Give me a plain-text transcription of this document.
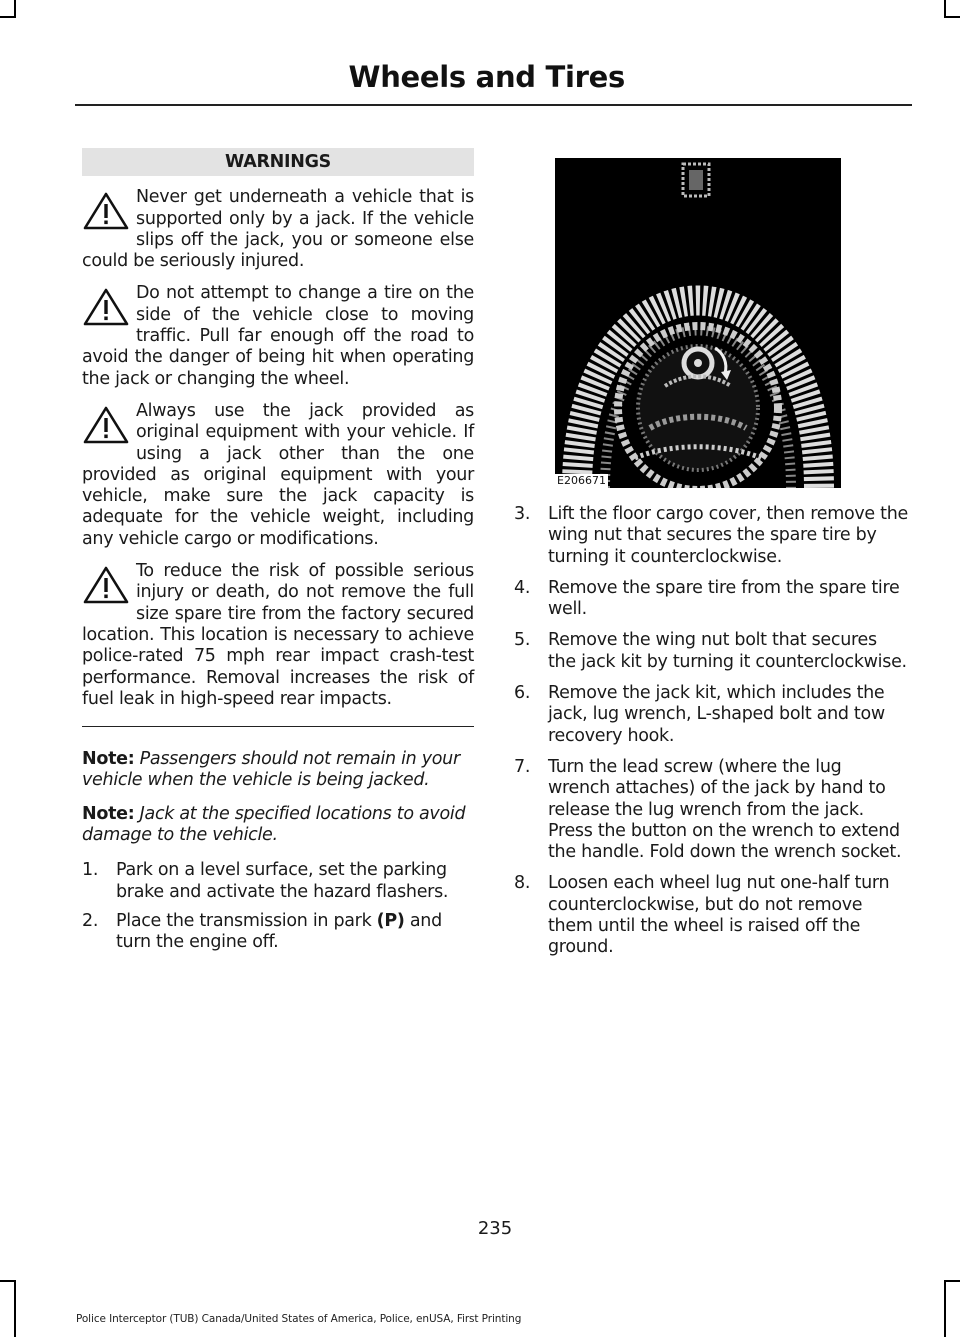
Wheels and Tires
WARNINGS
Never get underneath a vehicle that is supported only by a jack. If the vehicle slips off the jack, you or someone else could be seriously injured.
Do not attempt to change a tire on the side of the vehicle close to moving traffic. Pull far enough off the road to avoid the danger of being hit when operating the jack or changing the wheel.
Always use the jack provided as original equipment with your vehicle. If using a jack other than the one provided as original equipment with your vehicle, make sure the jack capacity is adequate for the vehicle weight, including any vehicle cargo or modifications.
To reduce the risk of possible serious injury or death, do not remove the full size spare tire from the factory secured location. This location is necessary to achieve police-rated 75 mph rear impact crash-test performance. Removal increases the risk of fuel leak in high-speed rear impacts.
Note: Passengers should not remain in your vehicle when the vehicle is being jacked.
Note: Jack at the specified locations to avoid damage to the vehicle.
1. Park on a level surface, set the parking brake and activate the hazard flashers.
2. Place the transmission in park (P) and turn the engine off.
E206671
3. Lift the floor cargo cover, then remove the wing nut that secures the spare tire by turning it counterclockwise.
4. Remove the spare tire from the spare tire well.
5. Remove the wing nut bolt that secures the jack kit by turning it counterclockwise.
6. Remove the jack kit, which includes the jack, lug wrench, L-shaped bolt and tow recovery hook.
7. Turn the lead screw (where the lug wrench attaches) of the jack by hand to release the lug wrench from the jack. Press the button on the wrench to extend the handle. Fold down the wrench socket.
8. Loosen each wheel lug nut one-half turn counterclockwise, but do not remove them until the wheel is raised off the ground.
235
Police Interceptor (TUB) Canada/United States of America, Police, enUSA, First Printing
